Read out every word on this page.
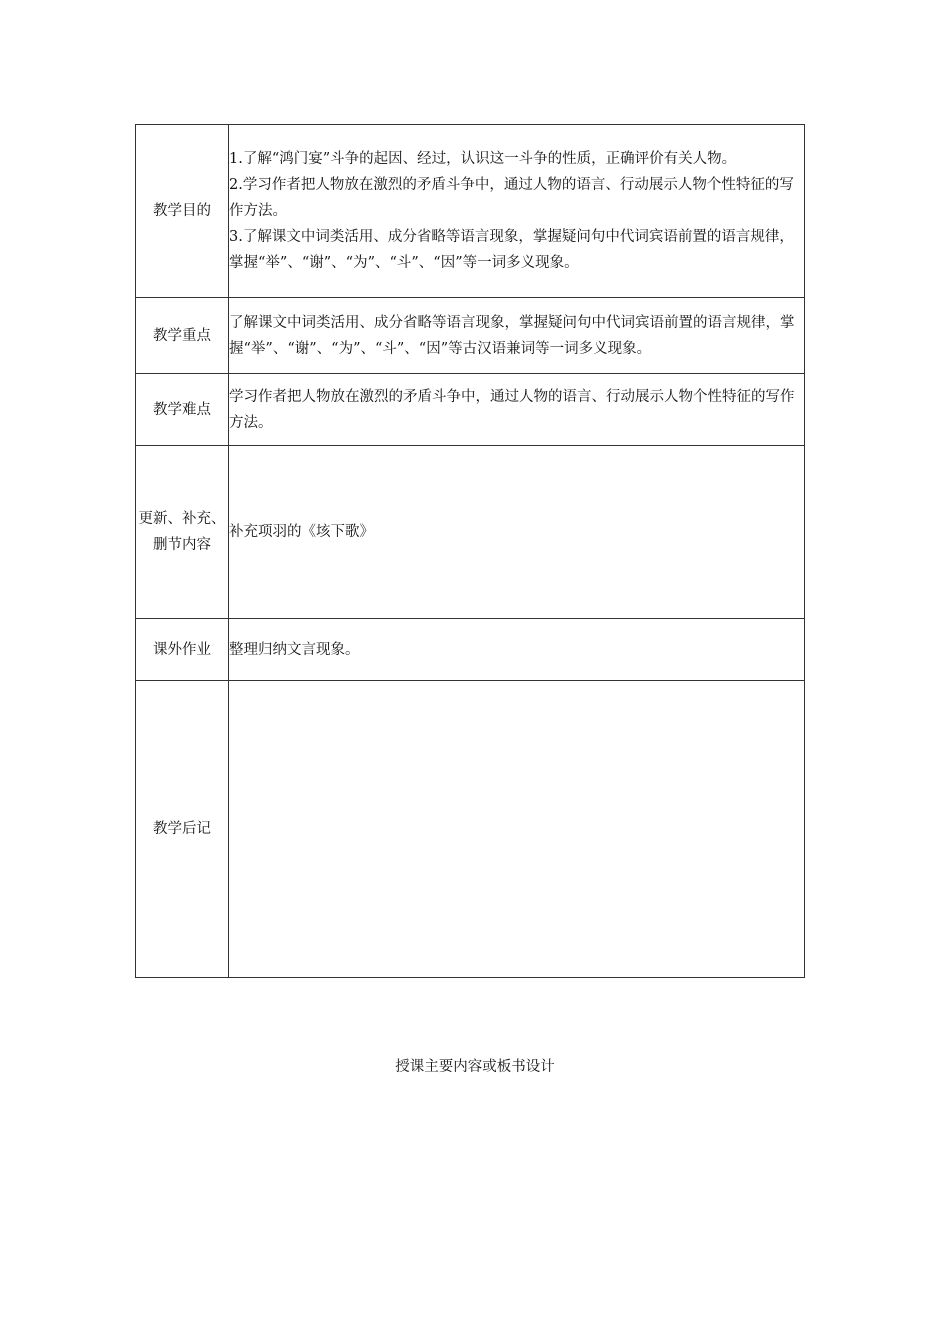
教学目的	1.了解“鸿门宴”斗争的起因、经过，认识这一斗争的性质，正确评价有关人物。
2.学习作者把人物放在激烈的矛盾斗争中，通过人物的语言、行动展示人物个性特征的写作方法。
3.了解课文中词类活用、成分省略等语言现象，掌握疑问句中代词宾语前置的语言规律，掌握“举”、“谢”、“为”、“斗”、“因”等一词多义现象。

教学重点	了解课文中词类活用、成分省略等语言现象，掌握疑问句中代词宾语前置的语言规律，掌握“举”、“谢”、“为”、“斗”、“因”等古汉语兼词等一词多义现象。

教学难点	学习作者把人物放在激烈的矛盾斗争中，通过人物的语言、行动展示人物个性特征的写作方法。

更新、补充、删节内容	补充项羽的《垓下歌》

课外作业	整理归纳文言现象。

教学后记	
授课主要内容或板书设计
